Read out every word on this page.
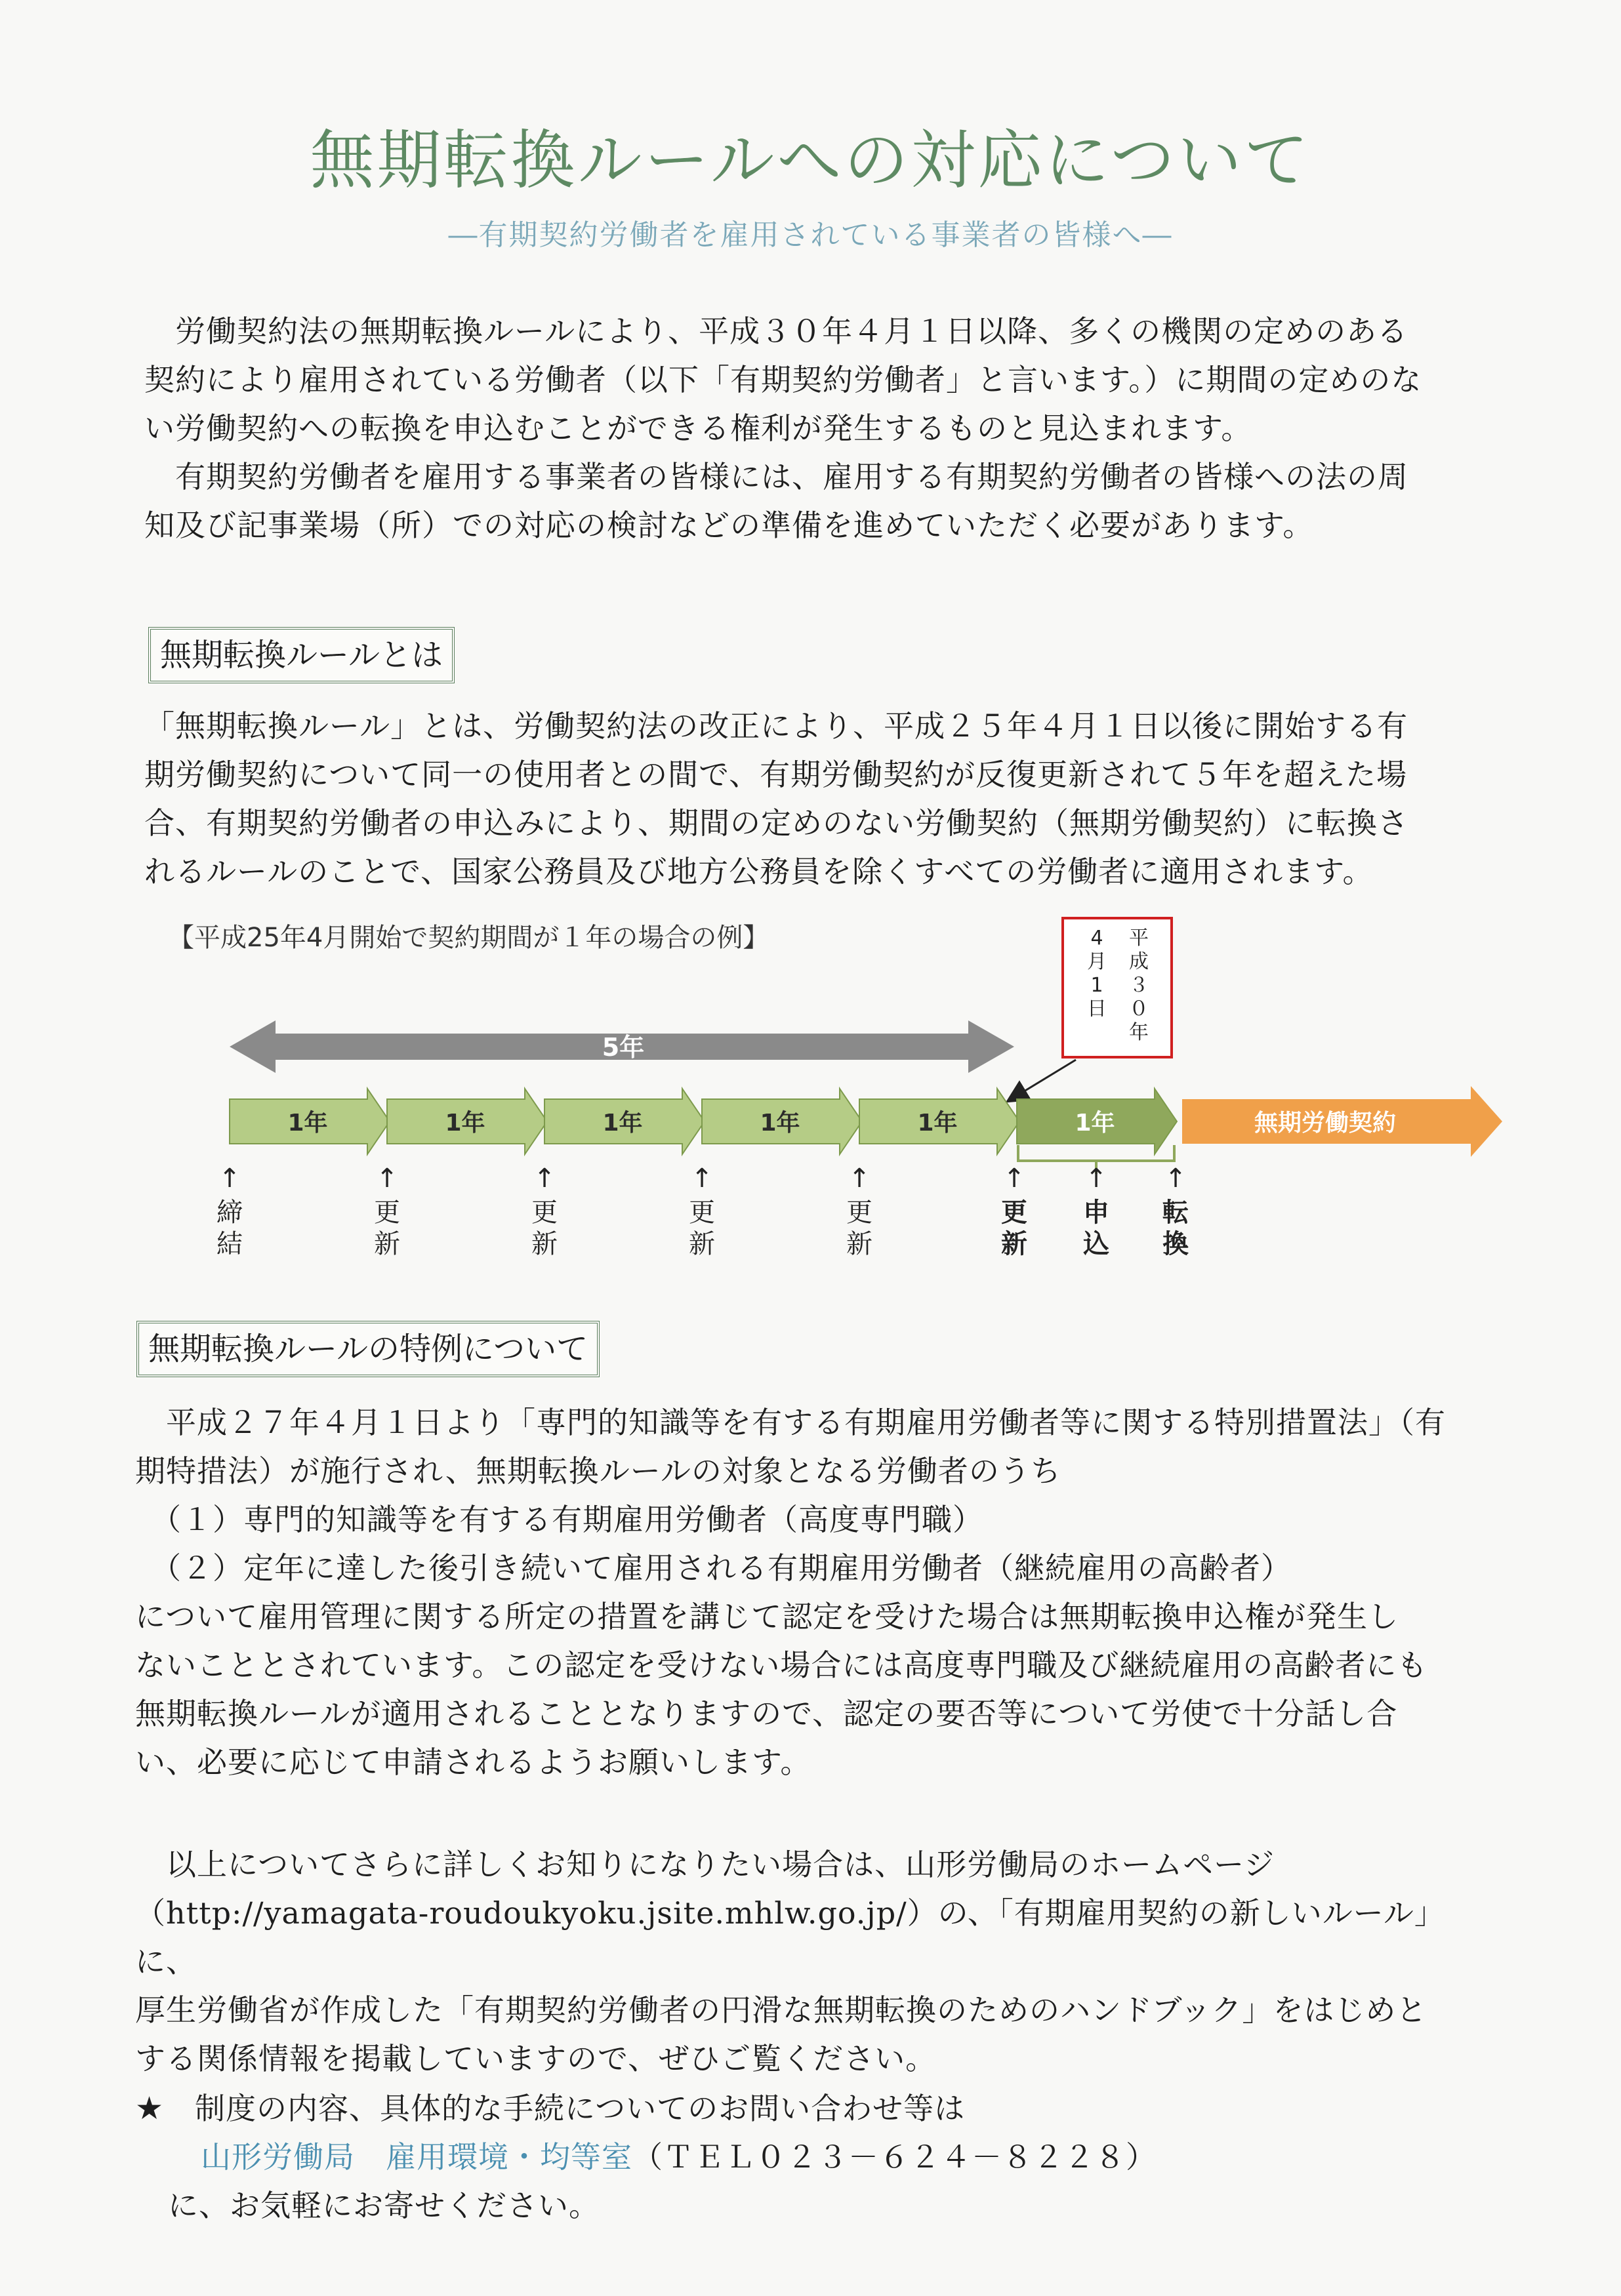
無期転換ルールへの対応について
―有期契約労働者を雇用されている事業者の皆様へ―
　労働契約法の無期転換ルールにより、平成３０年４月１日以降、多くの機関の定めのある
契約により雇用されている労働者（以下「有期契約労働者」と言います。）に期間の定めのな
い労働契約への転換を申込むことができる権利が発生するものと見込まれます。
　有期契約労働者を雇用する事業者の皆様には、雇用する有期契約労働者の皆様への法の周
知及び記事業場（所）での対応の検討などの準備を進めていただく必要があります。
無期転換ルールとは
「無期転換ルール」とは、労働契約法の改正により、平成２５年４月１日以後に開始する有
期労働契約について同一の使用者との間で、有期労働契約が反復更新されて５年を超えた場
合、有期契約労働者の申込みにより、期間の定めのない労働契約（無期労働契約）に転換さ
れるルールのことで、国家公務員及び地方公務員を除くすべての労働者に適用されます。
【平成25年4月開始で契約期間が１年の場合の例】	平
成
３
０
年
4
月
1
日
5年
1年	1年	1年	1年	1年	1年	無期労働契約
↑
締
結
↑
更
新
↑
更
新
↑
更
新
↑
更
新
↑
更
新
↑
申
込
↑
転
換
無期転換ルールの特例について
　平成２７年４月１日より「専門的知識等を有する有期雇用労働者等に関する特別措置法」（有
期特措法）が施行され、無期転換ルールの対象となる労働者のうち
　（１）専門的知識等を有する有期雇用労働者（高度専門職）
　（２）定年に達した後引き続いて雇用される有期雇用労働者（継続雇用の高齢者）
について雇用管理に関する所定の措置を講じて認定を受けた場合は無期転換申込権が発生し
ないこととされています。この認定を受けない場合には高度専門職及び継続雇用の高齢者にも
無期転換ルールが適用されることとなりますので、認定の要否等について労使で十分話し合
い、必要に応じて申請されるようお願いします。
　以上についてさらに詳しくお知りになりたい場合は、山形労働局のホームページ
（http://yamagata-roudoukyoku.jsite.mhlw.go.jp/）の、「有期雇用契約の新しいルール」に、
厚生労働省が作成した「有期契約労働者の円滑な無期転換のためのハンドブック」をはじめと
する関係情報を掲載していますので、ぜひご覧ください。
★　 制度の内容、具体的な手続についてのお問い合わせ等は
山形労働局　雇用環境・均等室（ＴＥＬ０２３－６２４－８２２８）
に、お気軽にお寄せください。
